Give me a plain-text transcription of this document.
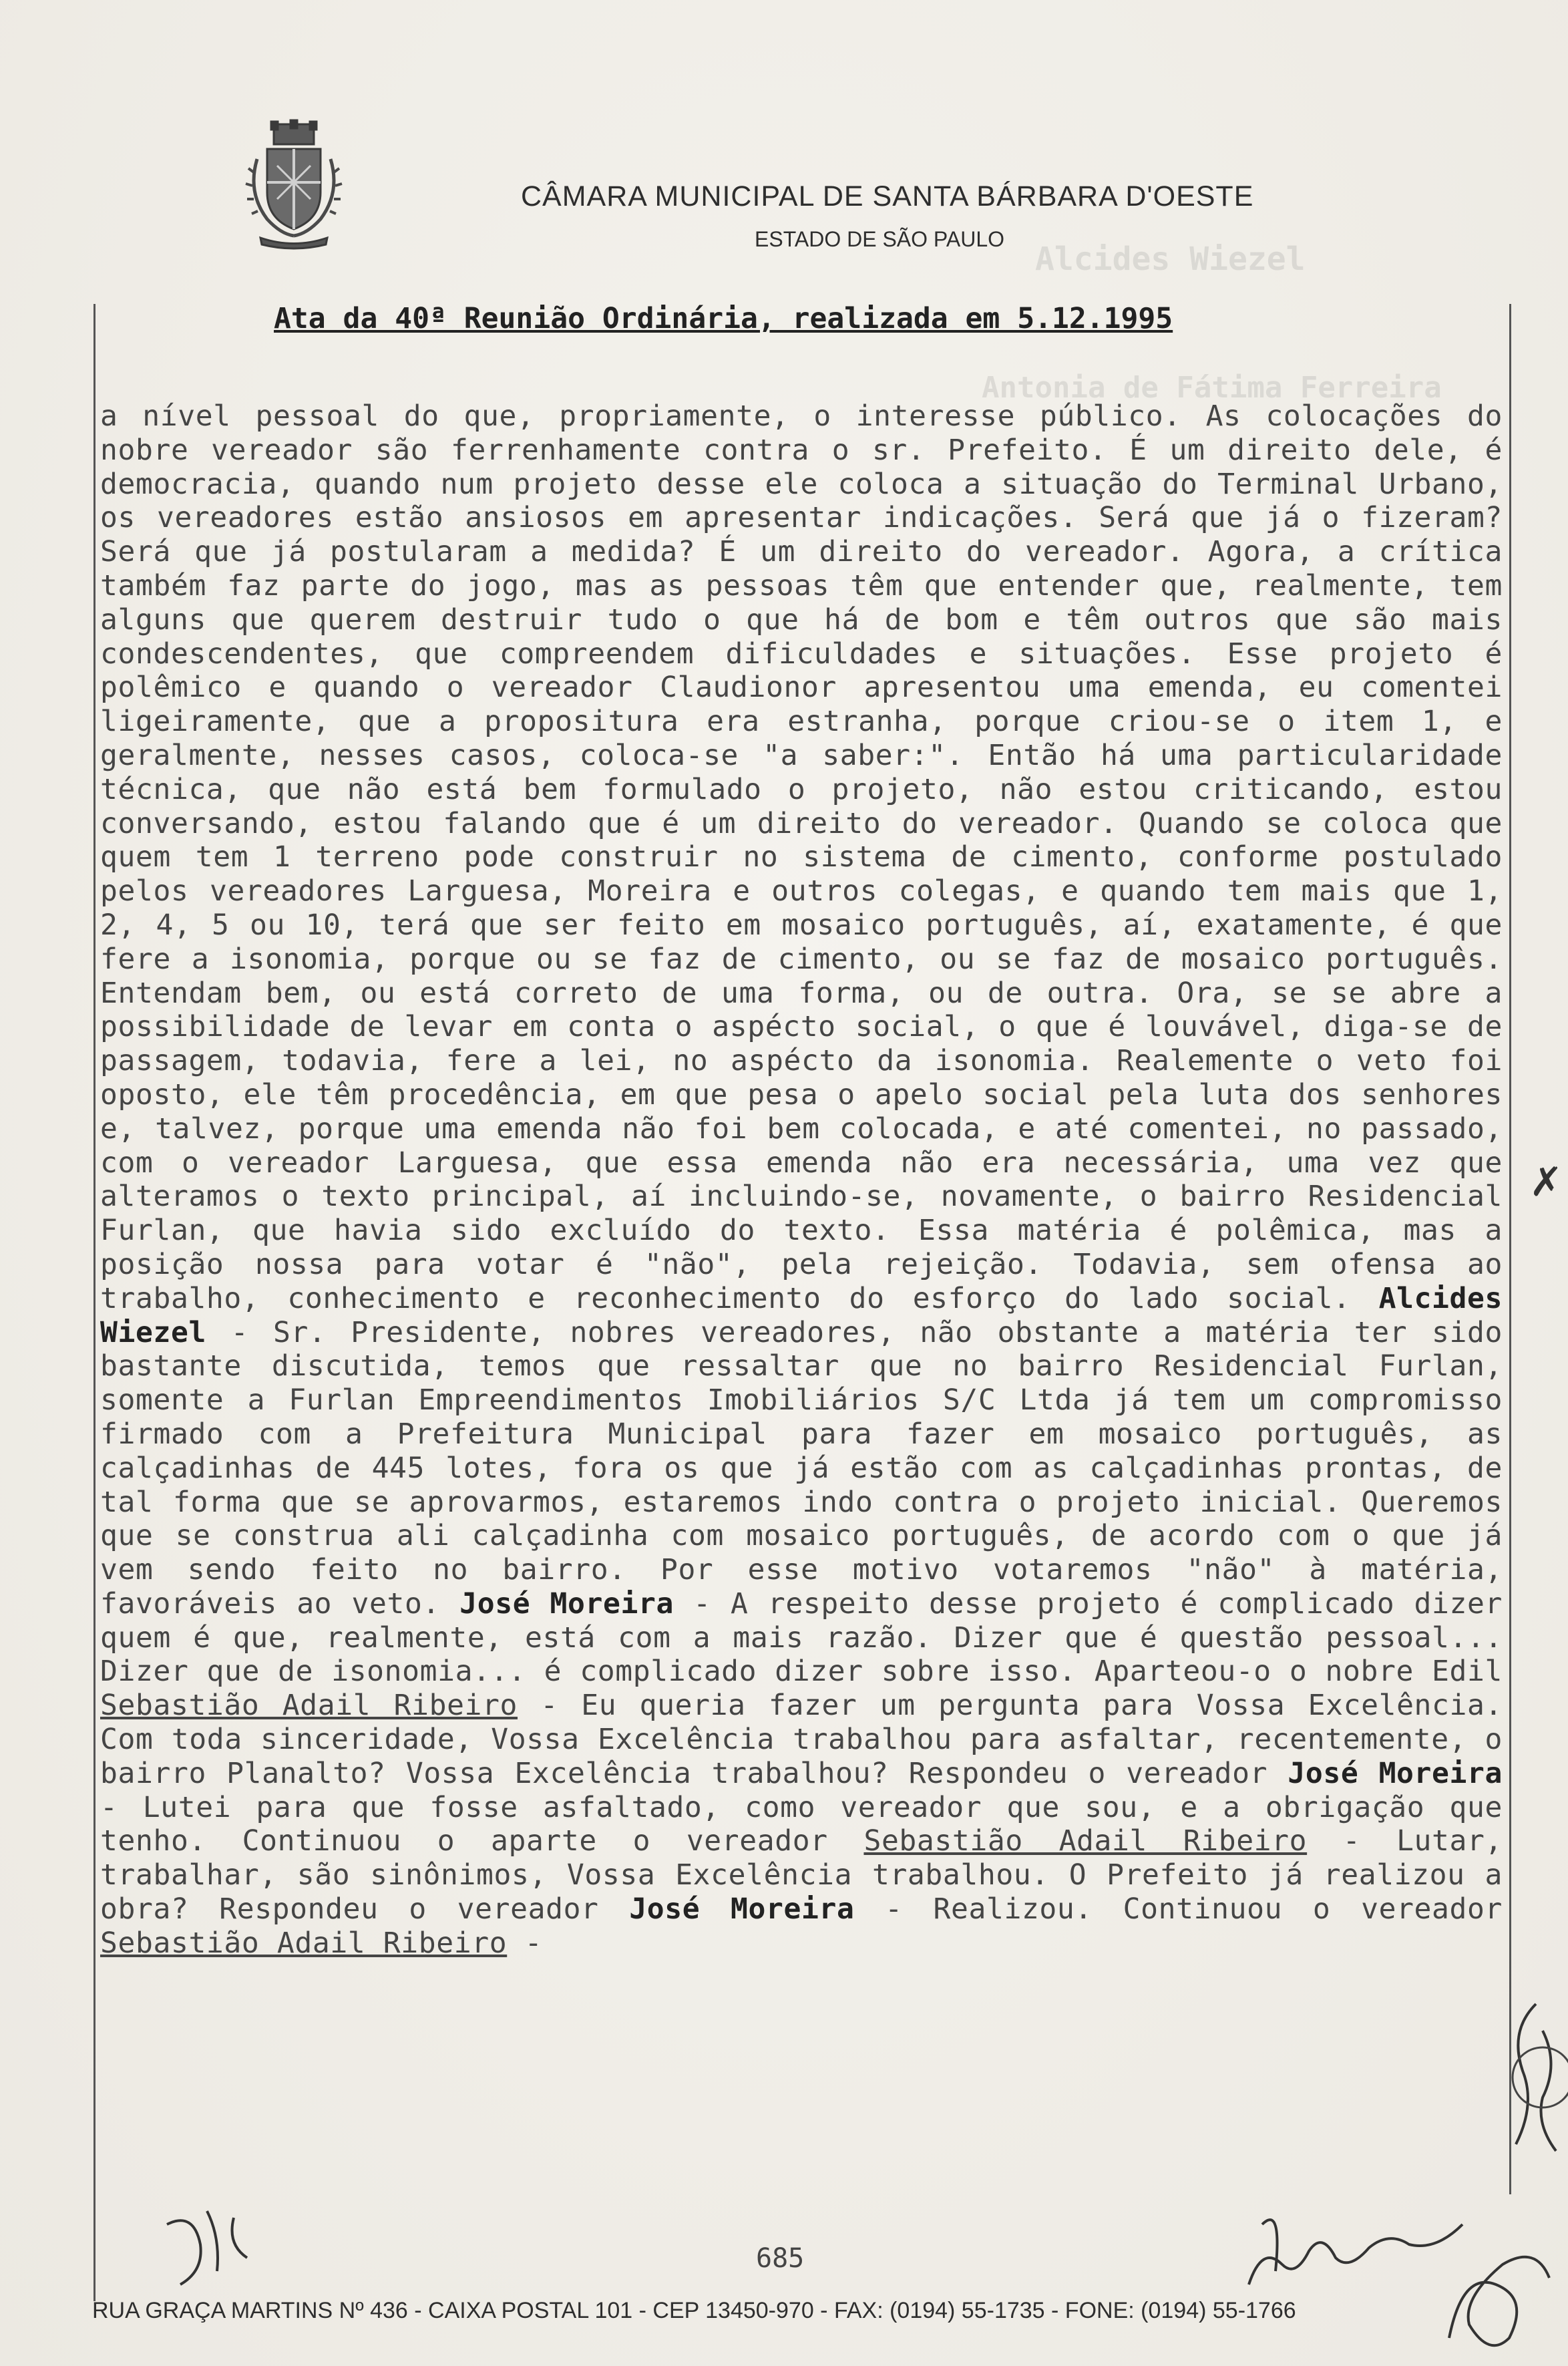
Alcides Wiezel
Antonia de Fátima Ferreira
CÂMARA MUNICIPAL DE SANTA BÁRBARA D'OESTE
ESTADO DE SÃO PAULO
Ata da 40ª Reunião Ordinária, realizada em 5.12.1995
a nível pessoal do que, propriamente, o interesse público. As colocações do nobre vereador são ferrenhamente contra o sr. Prefeito. É um direito dele, é democracia, quando num projeto desse ele coloca a situação do Terminal Urbano, os vereadores estão ansiosos em apresentar indicações. Será que já o fizeram? Será que já postularam a medida? É um direito do vereador. Agora, a crítica também faz parte do jogo, mas as pessoas têm que entender que, realmente, tem alguns que querem destruir tudo o que há de bom e têm outros que são mais condescendentes, que compreendem dificuldades e situações. Esse projeto é polêmico e quando o vereador Claudionor apresentou uma emenda, eu comentei ligeiramente, que a propositura era estranha, porque criou-se o item 1, e geralmente, nesses casos, coloca-se "a saber:". Então há uma particularidade técnica, que não está bem formulado o projeto, não estou criticando, estou conversando, estou falando que é um direito do vereador. Quando se coloca que quem tem 1 terreno pode construir no sistema de cimento, conforme postulado pelos vereadores Larguesa, Moreira e outros colegas, e quando tem mais que 1, 2, 4, 5 ou 10, terá que ser feito em mosaico português, aí, exatamente, é que fere a isonomia, porque ou se faz de cimento, ou se faz de mosaico português. Entendam bem, ou está correto de uma forma, ou de outra. Ora, se se abre a possibilidade de levar em conta o aspécto social, o que é louvável, diga-se de passagem, todavia, fere a lei, no aspécto da isonomia. Realemente o veto foi oposto, ele têm procedência, em que pesa o apelo social pela luta dos senhores e, talvez, porque uma emenda não foi bem colocada, e até comentei, no passado, com o vereador Larguesa, que essa emenda não era necessária, uma vez que alteramos o texto principal, aí incluindo-se, novamente, o bairro Residencial Furlan, que havia sido excluído do texto. Essa matéria é polêmica, mas a posição nossa para votar é "não", pela rejeição. Todavia, sem ofensa ao trabalho, conhecimento e reconhecimento do esforço do lado social. Alcides Wiezel - Sr. Presidente, nobres vereadores, não obstante a matéria ter sido bastante discutida, temos que ressaltar que no bairro Residencial Furlan, somente a Furlan Empreendimentos Imobiliários S/C Ltda já tem um compromisso firmado com a Prefeitura Municipal para fazer em mosaico português, as calçadinhas de 445 lotes, fora os que já estão com as calçadinhas prontas, de tal forma que se aprovarmos, estaremos indo contra o projeto inicial. Queremos que se construa ali calçadinha com mosaico português, de acordo com o que já vem sendo feito no bairro. Por esse motivo votaremos "não" à matéria, favoráveis ao veto. José Moreira - A respeito desse projeto é complicado dizer quem é que, realmente, está com a mais razão. Dizer que é questão pessoal... Dizer que de isonomia... é complicado dizer sobre isso. Aparteou-o o nobre Edil Sebastião Adail Ribeiro - Eu queria fazer um pergunta para Vossa Excelência. Com toda sinceridade, Vossa Excelência trabalhou para asfaltar, recentemente, o bairro Planalto? Vossa Excelência trabalhou? Respondeu o vereador José Moreira - Lutei para que fosse asfaltado, como vereador que sou, e a obrigação que tenho. Continuou o aparte o vereador Sebastião Adail Ribeiro - Lutar, trabalhar, são sinônimos, Vossa Excelência trabalhou. O Prefeito já realizou a obra? Respondeu o vereador José Moreira - Realizou. Continuou o vereador Sebastião Adail Ribeiro -
✗
685
RUA GRAÇA MARTINS Nº 436 - CAIXA POSTAL 101 - CEP 13450-970 - FAX: (0194) 55-1735 - FONE: (0194) 55-1766
